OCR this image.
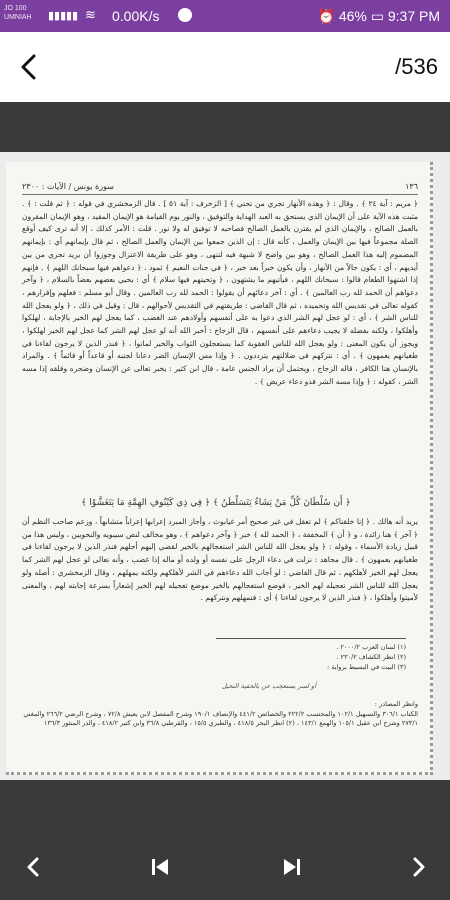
JO 100
UMNIAH ▮▮▮ ▮▮ ≋ 0.00K/s	⏰ 46% ▭ 9:37 PM
/536
سورة يونس / الآيات : ٢٣٠٠	١٣٦
﴿ مريم : آية ٢٤ ﴾ . وقال : ﴿ وهذه الأنهار تجري من تحتي ﴾ [ الزخرف : آية ٥١ ] . قال الزمخشري في قوله : ﴿ ثم قلت : ﴾ . مثبت هذه الآية على أن الإيمان الذي يستحق به العبد الهداية والتوفيق ، والنور يوم القيامة هو الإيمان المقيد ، وهو الإيمان المقرون بالعمل الصالح ، والإيمان الذي لم يقترن بالعمل الصالح فصاحبه لا توفيق له ولا نور . قلت : الأمر كذلك ، إلا أنه ترى كيف أوقع الصلة مجموعاً فيها بين الإيمان والعمل ، كأنه قال : إن الذين جمعوا بين الإيمان والعمل الصالح ، ثم قال بإيمانهم أي : بإيمانهم المضموم إليه هذا العمل الصالح ، وهو بين واضح لا شبهة فيه لتنهى ، وهو على طريقة الاعتزال وجوزوا أن يريد تجري من بين أيديهم ، أي : يكون حالاً من الأنهار ، وأن يكون خبراً بعد خبر ، ﴿ في جنات النعيم ﴾ ثمود ، ﴿ دعواهم فيها سبحانك اللهم ﴾ . فإنهم إذا اشتهوا الطعام قالوا : سبحانك اللهم ، فيأتيهم ما يشتهون ، ﴿ وتحيتهم فيها سلام ﴾ أي : يحيي بعضهم بعضاً بالسلام ، ﴿ وآخر دعواهم أن الحمد لله رب العالمين ﴾ . أي : آخر دعائهم أن يقولوا : الحمد لله رب العالمين . وقال أبو مسلم : فعلهم وإقرارهم ، كقوله تعالى في تقديس الله وتحميده ، ثم قال القاضي : طريقتهم في التقديس لأحوالهم ، قال : وقيل في ذلك ، ﴿ ولو يعجل الله للناس الشر ﴾ ، أي : لو عجل لهم الشر الذي دعوا به على أنفسهم وأولادهم عند الغضب ، كما يعجل لهم الخير بالإجابة ، لهلكوا وأهلكوا ، ولكنه بفضله لا يجيب دعاءهم على أنفسهم ، قال الزجاج : أخبر الله أنه لو عجل لهم الشر كما عجل لهم الخير لهلكوا ، ويجوز أن يكون المعنى : ولو يعجل الله للناس العقوبة كما يستعجلون الثواب والخير لماتوا ، ﴿ فنذر الذين لا يرجون لقاءنا في طغيانهم يعمهون ﴾ . أي : نتركهم في ضلالتهم يترددون . ﴿ وإذا مس الإنسان الضر دعانا لجنبه أو قاعداً أو قائماً ﴾ . والمراد بالإنسان هنا الكافر ، قاله الزجاج ، ويحتمل أن يراد الجنس عامة ، قال ابن كثير : يخبر تعالى عن الإنسان وضجره وقلقه إذا مسه الشر ، كقوله : ﴿ وإذا مسه الشر فذو دعاء عريض ﴾ .
﴿ أَن سُلْطَانَ كُلِّ مَنْ يَشَاءُ يَتَسَلْطَنُ ﴾ ﴿ فِي ذِي كَيْنُوفِ الهِمَّةِ مَا يَتَغَشَّوْا ﴾
يريد أنه هالك . ﴿ إنا خلقناكم ﴾ لم تعقل في غير صحيح أمر غيابوث ، وأجاز المبرد إعرابها إعراباً متشابهاً ، وزعم صاحب النظم أن ﴿ آخر ﴾ هنا زائدة ، و ﴿ أن ﴾ المخففة ، ﴿ الحمد لله ﴾ خبر ﴿ وآخر دعواهم ﴾ ، وهو مخالف لنص سيبويه والنحويين ، وليس هذا من قبيل زيادة الأسماء ، وقوله : ﴿ ولو يعجل الله للناس الشر استعجالهم بالخير لقضي إليهم أجلهم فنذر الذين لا يرجون لقاءنا في طغيانهم يعمهون ﴾ . قال مجاهد : نزلت في دعاء الرجل على نفسه أو ولده أو ماله إذا غضب ، وأنه تعالى لو عجل لهم الشر كما يعجل لهم الخير لأهلكهم ، ثم قال القاضي : لو أجاب الله دعاءهم في الشر لأهلكهم ولكنه يمهلهم ، وقال الزمخشري : أصله ولو يعجل الله للناس الشر تعجيله لهم الخير ، فوضع استعجالهم بالخير موضع تعجيله لهم الخير إشعاراً بسرعة إجابته لهم ، والمعنى لأميتوا وأهلكوا ، ﴿ فنذر الذين لا يرجون لقاءنا ﴾ أي : فنمهلهم ونتركهم .
(١) لسان العرب ٢٠٠٠/٢ .
(٢) انظر الكشاف ٢٣٠/٢ .
(٣) البيت في البسيط برواية :
أو لسر يستعجب عن بالحفية النحيل
وانظر المصادر :
الكتاب ٣٠٦/١ والتسهيل ١٠٢/١ والمحتسب ٢٢٢/٢ والخصائص ٤٤١/٢ والإنصاف ١٩٠/١ وشرح المفصل لابن يعيش ٧٢/٨ ، وشرح الرضي ٢٦٦/٢ والمغني ٢٧٣/١ وشرح ابن عقيل ١٠٥/١ والهمع ١٤٣/١ ، (٢) انظر البحر ٤١٨/٥ ، والطبري ١٥/٥ ، والقرطبي ٣٦/٨ وابن كثير ٤١٨/٢ ، والدر المنثور ١٣٦/٣
